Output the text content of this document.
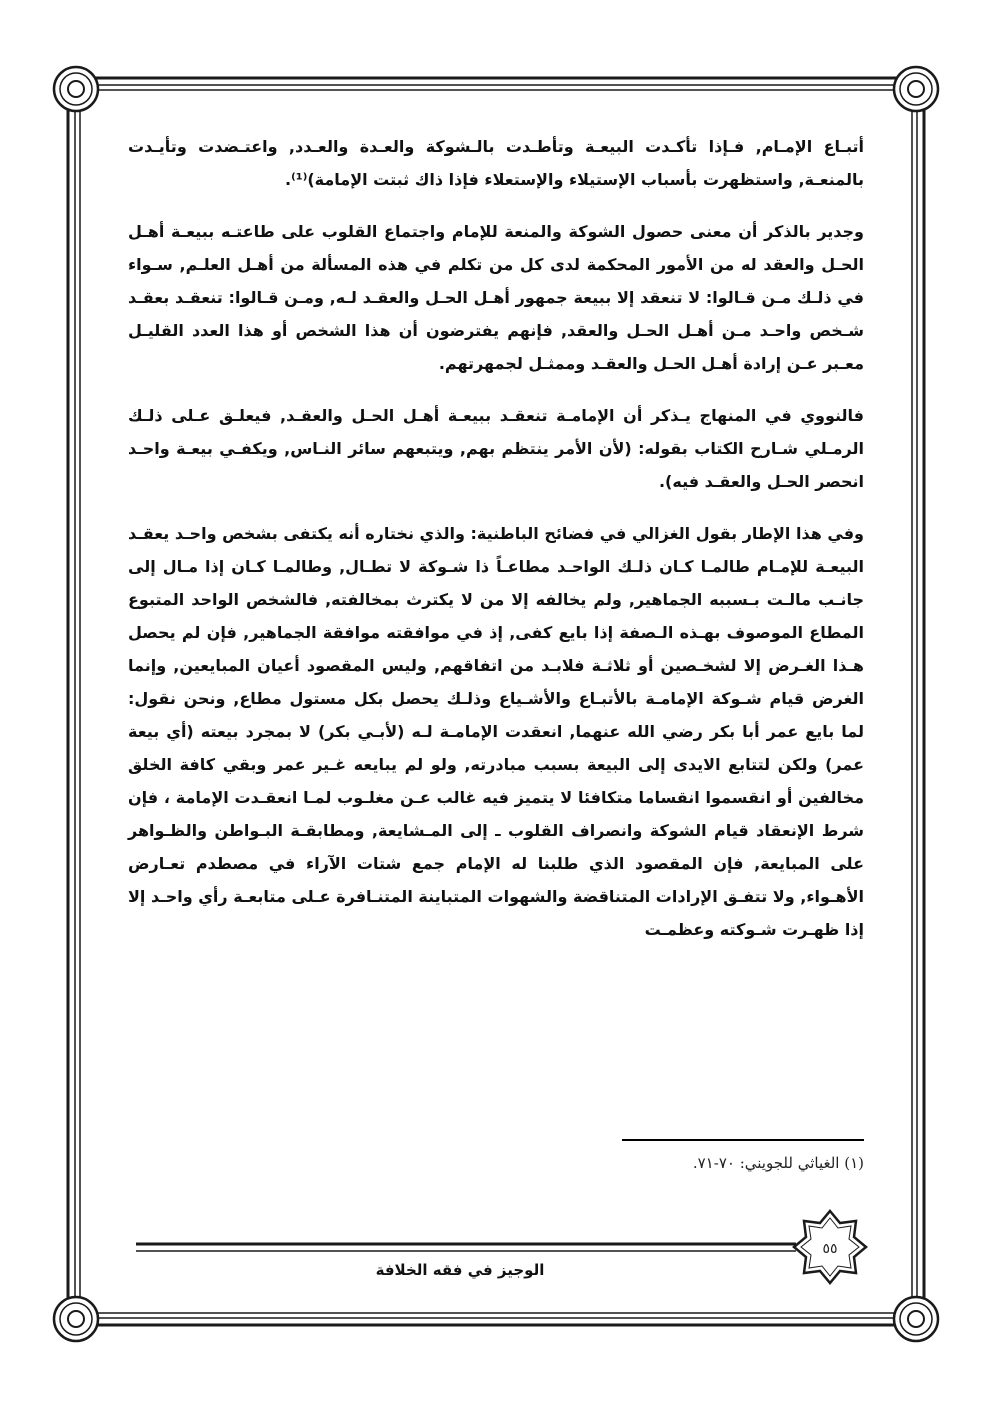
أتبـاع الإمـام, فـإذا تأكـدت البيعـة وتأطـدت بالـشوكة والعـدة والعـدد, واعتـضدت وتأيـدت بالمنعـة, واستظهرت بأسباب الإستيلاء والإستعلاء فإذا ذاك ثبتت الإمامة)⁽¹⁾.

وجدير بالذكر أن معنى حصول الشوكة والمنعة للإمام واجتماع القلوب على طاعتـه ببيعـة أهـل الحـل والعقد له من الأمور المحكمة لدى كل من تكلم في هذه المسألة من أهـل العلـم, سـواء في ذلـك مـن قـالوا: لا تنعقد إلا ببيعة جمهور أهـل الحـل والعقـد لـه, ومـن قـالوا: تنعقـد بعقـد شـخص واحـد مـن أهـل الحـل والعقد, فإنهم يفترضون أن هذا الشخص أو هذا العدد القليـل معـبر عـن إرادة أهـل الحـل والعقـد وممثـل لجمهرتهم.

فالنووي في المنهاج يـذكر أن الإمامـة تنعقـد ببيعـة أهـل الحـل والعقـد, فيعلـق عـلى ذلـك الرمـلي شـارح الكتاب بقوله: (لأن الأمر ينتظم بهم, ويتبعهم سائر النـاس, ويكفـي بيعـة واحـد انحصر الحـل والعقـد فيه).

وفي هذا الإطار بقول الغزالي في فضائح الباطنية: والذي نختاره أنه يكتفى بشخص واحـد يعقـد البيعـة للإمـام طالمـا كـان ذلـك الواحـد مطاعـاً ذا شـوكة لا تطـال, وطالمـا كـان إذا مـال إلى جانـب مالـت بـسببه الجماهير, ولم يخالفه إلا من لا يكترث بمخالفته, فالشخص الواحد المتبوع المطاع الموصوف بهـذه الـصفة إذا بايع كفى, إذ في موافقته موافقة الجماهير, فإن لم يحصل هـذا الغـرض إلا لشخـصين أو ثلاثـة فلابـد من اتفاقهم, وليس المقصود أعيان المبايعين, وإنما الغرض قيام شـوكة الإمامـة بالأتبـاع والأشـياع وذلـك يحصل بكل مستول مطاع, ونحن نقول: لما بايع عمر أبا بكر رضي الله عنهما, انعقدت الإمامـة لـه (لأبـي بكر) لا بمجرد بيعته (أي بيعة عمر) ولكن لتتابع الايدى إلى البيعة بسبب مبادرته, ولو لم يبايعه غـير عمر وبقي كافة الخلق مخالفين أو انقسموا انقساما متكافئا لا يتميز فيه غالب عـن مغلـوب لمـا انعقـدت الإمامة ، فإن شرط الإنعقاد قيام الشوكة وانصراف القلوب ـ إلى المـشايعة, ومطابقـة البـواطن والظـواهر على المبايعة, فإن المقصود الذي طلبنا له الإمام جمع شتات الآراء في مصطدم تعـارض الأهـواء, ولا تتفـق الإرادات المتناقضة والشهوات المتباينة المتنـافرة عـلى متابعـة رأي واحـد إلا إذا ظهـرت شـوكته وعظمـت

(١) الغياثي للجويني: ٧٠-٧١.
الوجيز في فقه الخلافة
٥٥
